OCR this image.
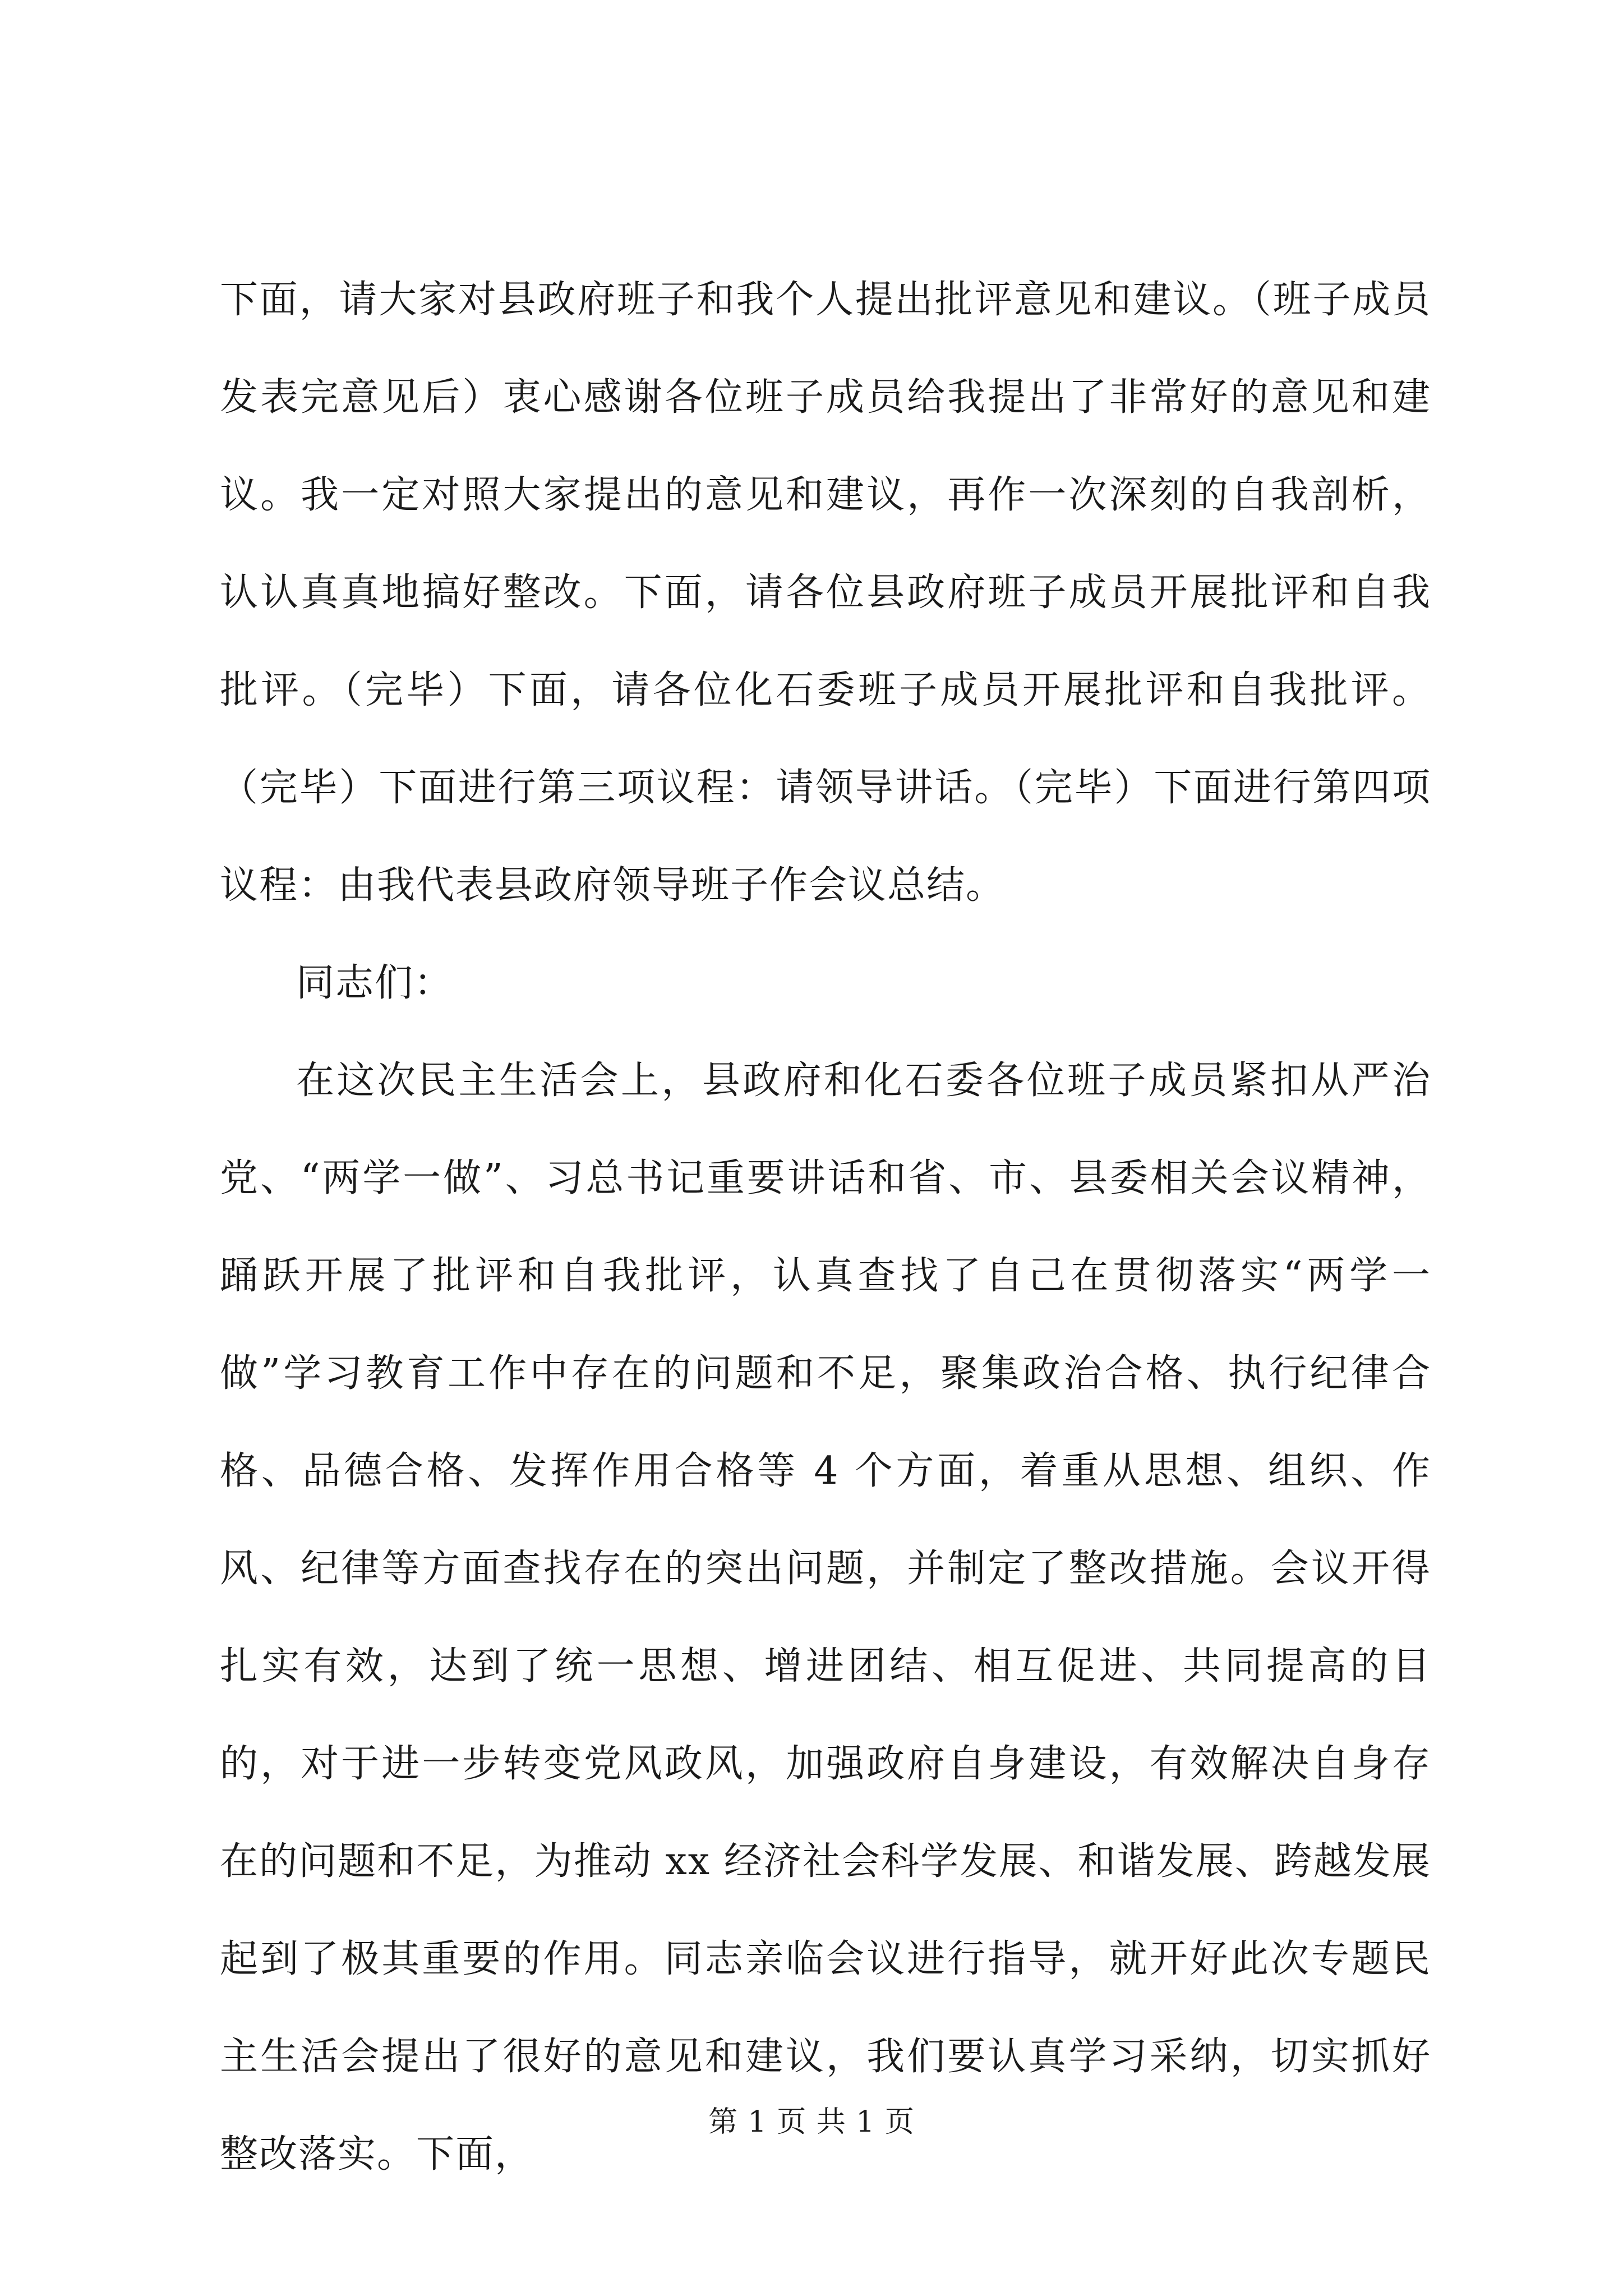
下面，请大家对县政府班子和我个人提出批评意见和建议。（班子成员发表完意见后）衷心感谢各位班子成员给我提出了非常好的意见和建议。我一定对照大家提出的意见和建议，再作一次深刻的自我剖析，认认真真地搞好整改。下面，请各位县政府班子成员开展批评和自我批评。（完毕）下面，请各位化石委班子成员开展批评和自我批评。（完毕）下面进行第三项议程：请领导讲话。（完毕）下面进行第四项议程：由我代表县政府领导班子作会议总结。

同志们：

在这次民主生活会上，县政府和化石委各位班子成员紧扣从严治党、“两学一做”、习总书记重要讲话和省、市、县委相关会议精神，踊跃开展了批评和自我批评，认真查找了自己在贯彻落实“两学一做”学习教育工作中存在的问题和不足，聚集政治合格、执行纪律合格、品德合格、发挥作用合格等 4 个方面，着重从思想、组织、作风、纪律等方面查找存在的突出问题，并制定了整改措施。会议开得扎实有效，达到了统一思想、增进团结、相互促进、共同提高的目的，对于进一步转变党风政风，加强政府自身建设，有效解决自身存在的问题和不足，为推动 xx 经济社会科学发展、和谐发展、跨越发展起到了极其重要的作用。同志亲临会议进行指导，就开好此次专题民主生活会提出了很好的意见和建议，我们要认真学习采纳，切实抓好整改落实。下面，

第 1 页 共 1 页
